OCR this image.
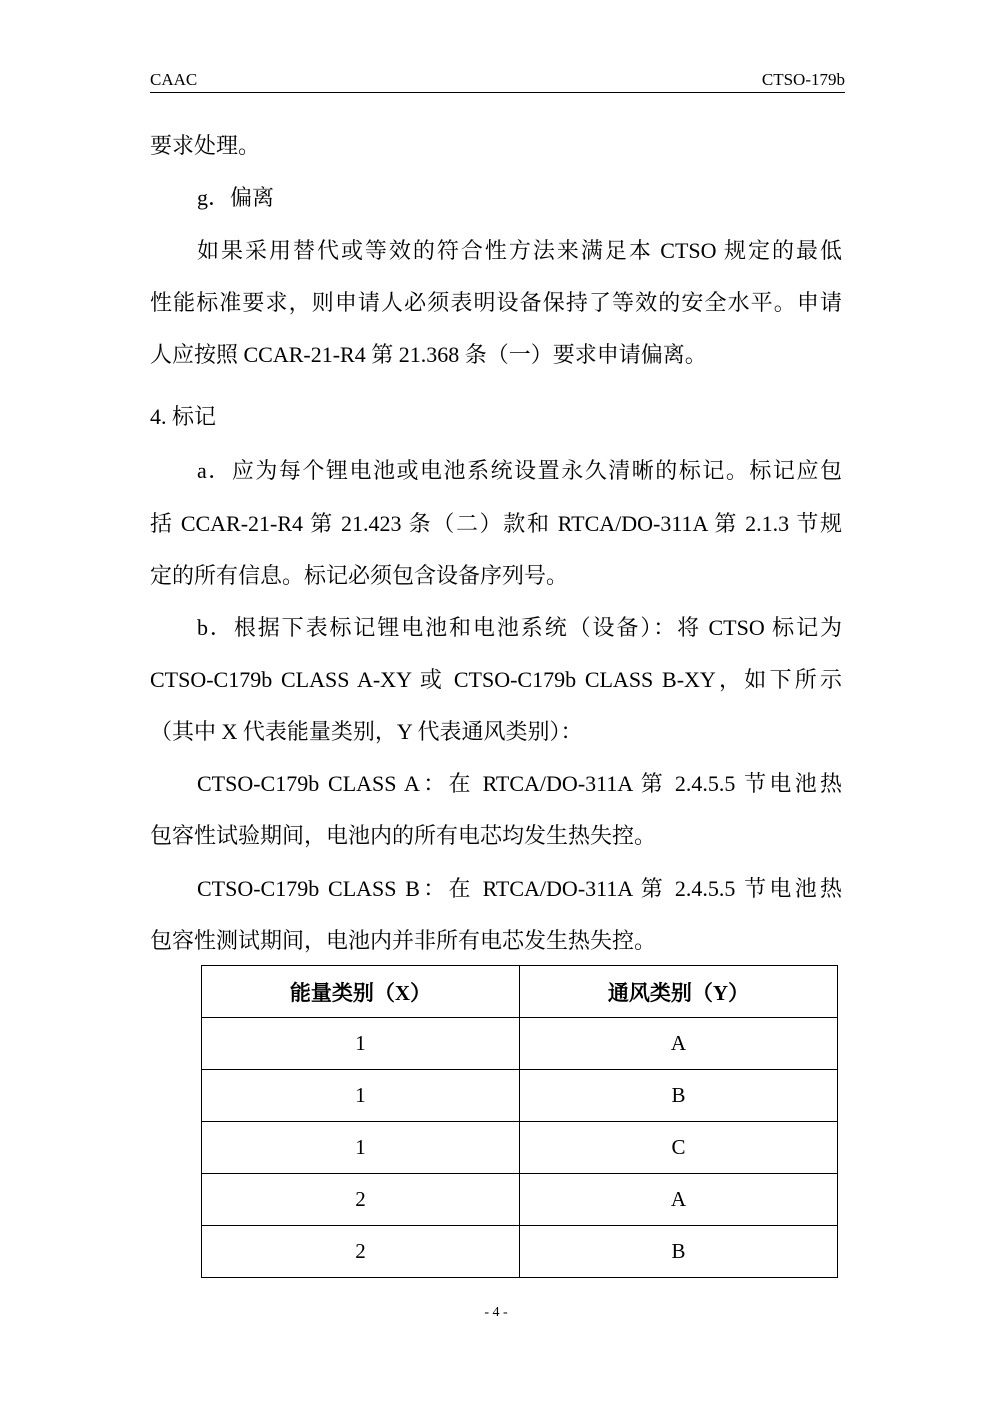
CAAC	CTSO-179b
要求处理。
g．偏离
如果采用替代或等效的符合性方法来满足本 CTSO 规定的最低
性能标准要求，则申请人必须表明设备保持了等效的安全水平。申请
人应按照 CCAR-21-R4 第 21.368 条（一）要求申请偏离。
4. 标记
a．应为每个锂电池或电池系统设置永久清晰的标记。标记应包
括 CCAR-21-R4 第 21.423 条（二）款和 RTCA/DO-311A 第 2.1.3 节规
定的所有信息。标记必须包含设备序列号。
b．根据下表标记锂电池和电池系统（设备）：将 CTSO 标记为
CTSO-C179b CLASS A-XY 或 CTSO-C179b CLASS B-XY，如下所示
（其中 X 代表能量类别，Y 代表通风类别）：
CTSO-C179b CLASS A：在 RTCA/DO-311A 第 2.4.5.5 节电池热
包容性试验期间，电池内的所有电芯均发生热失控。
CTSO-C179b CLASS B：在 RTCA/DO-311A 第 2.4.5.5 节电池热
包容性测试期间，电池内并非所有电芯发生热失控。
能量类别（X）	通风类别（Y）
1	A
1	B
1	C
2	A
2	B
- 4 -
